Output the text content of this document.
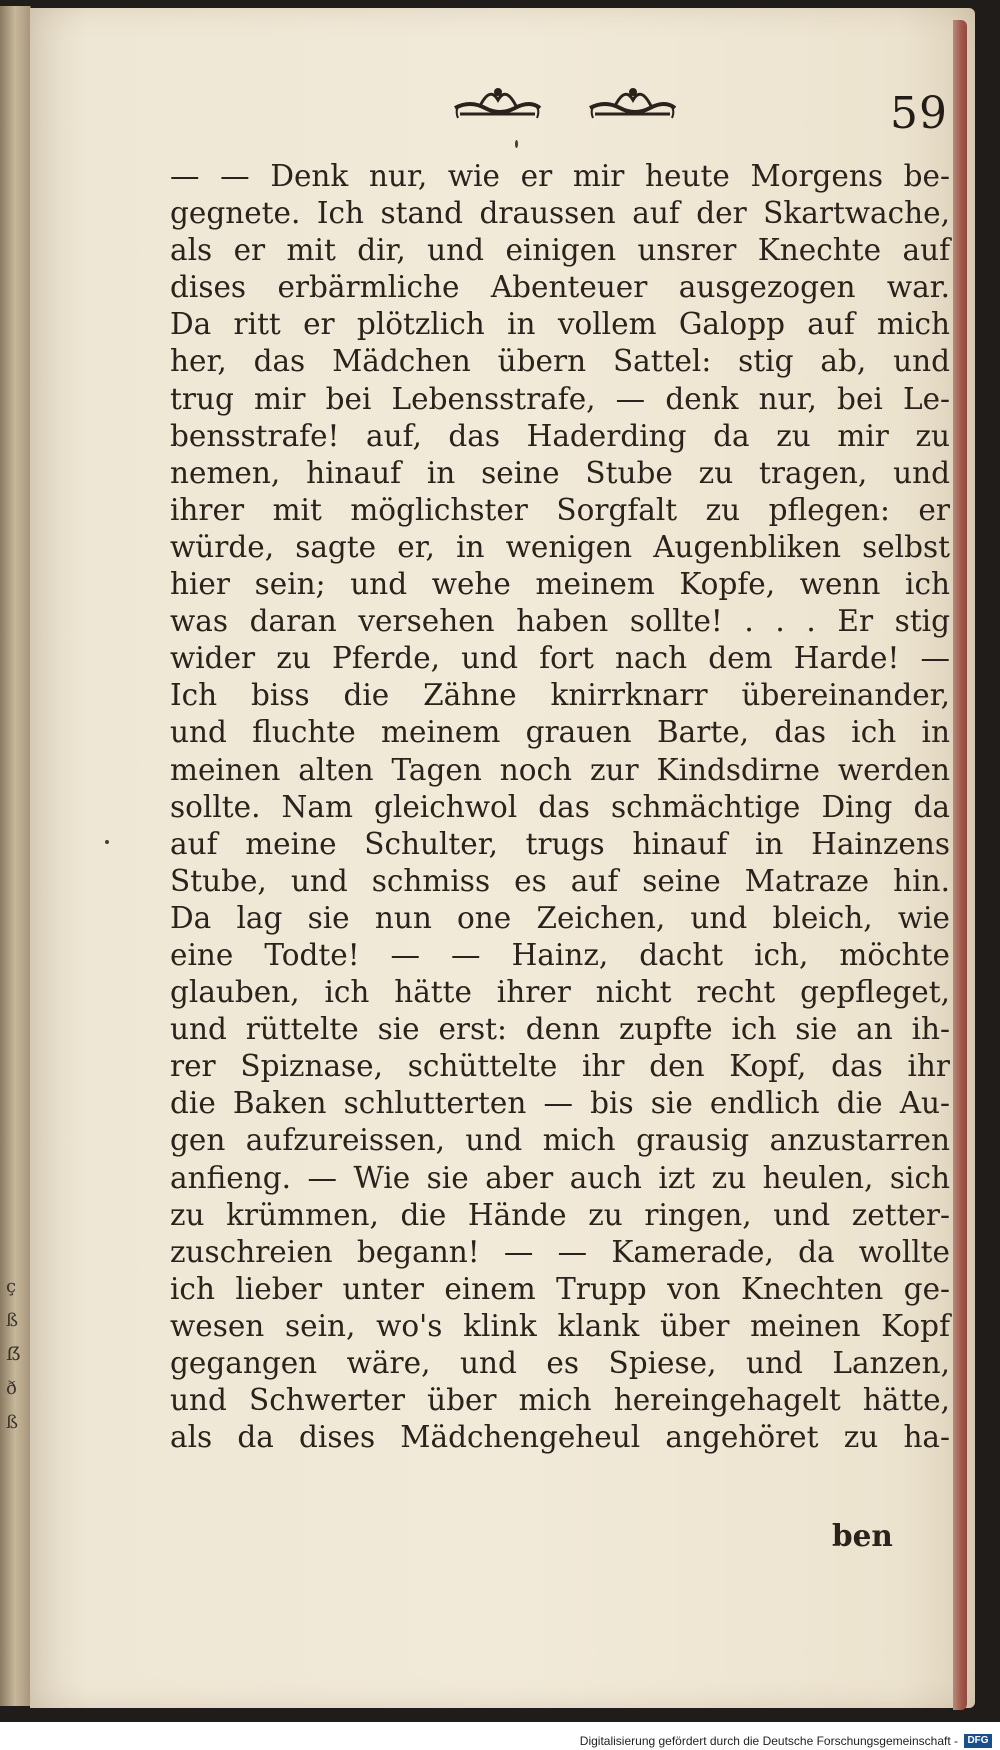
ç
ß
ẞ
ð
ß
59
— — Denk nur, wie er mir heute Morgens be-
gegnete. Ich stand draussen auf der Skartwache,
als er mit dir, und einigen unsrer Knechte auf
dises erbärmliche Abenteuer ausgezogen war.
Da ritt er plötzlich in vollem Galopp auf mich
her, das Mädchen übern Sattel: stig ab, und
trug mir bei Lebensstrafe, — denk nur, bei Le-
bensstrafe! auf, das Haderding da zu mir zu
nemen, hinauf in seine Stube zu tragen, und
ihrer mit möglichster Sorgfalt zu pflegen: er
würde, sagte er, in wenigen Augenbliken selbst
hier sein; und wehe meinem Kopfe, wenn ich
was daran versehen haben sollte! . . . Er stig
wider zu Pferde, und fort nach dem Harde! —
Ich biss die Zähne knirrknarr übereinander,
und fluchte meinem grauen Barte, das ich in
meinen alten Tagen noch zur Kindsdirne werden
sollte. Nam gleichwol das schmächtige Ding da
auf meine Schulter, trugs hinauf in Hainzens
Stube, und schmiss es auf seine Matraze hin.
Da lag sie nun one Zeichen, und bleich, wie
eine Todte! — — Hainz, dacht ich, möchte
glauben, ich hätte ihrer nicht recht gepfleget,
und rüttelte sie erst: denn zupfte ich sie an ih-
rer Spiznase, schüttelte ihr den Kopf, das ihr
die Baken schlutterten — bis sie endlich die Au-
gen aufzureissen, und mich grausig anzustarren
anfieng. — Wie sie aber auch izt zu heulen, sich
zu krümmen, die Hände zu ringen, und zetter-
zuschreien begann! — — Kamerade, da wollte
ich lieber unter einem Trupp von Knechten ge-
wesen sein, wo's klink klank über meinen Kopf
gegangen wäre, und es Spiese, und Lanzen,
und Schwerter über mich hereingehagelt hätte,
als da dises Mädchengeheul angehöret zu ha-
ben
Digitalisierung gefördert durch die Deutsche Forschungsgemeinschaft - DFG
